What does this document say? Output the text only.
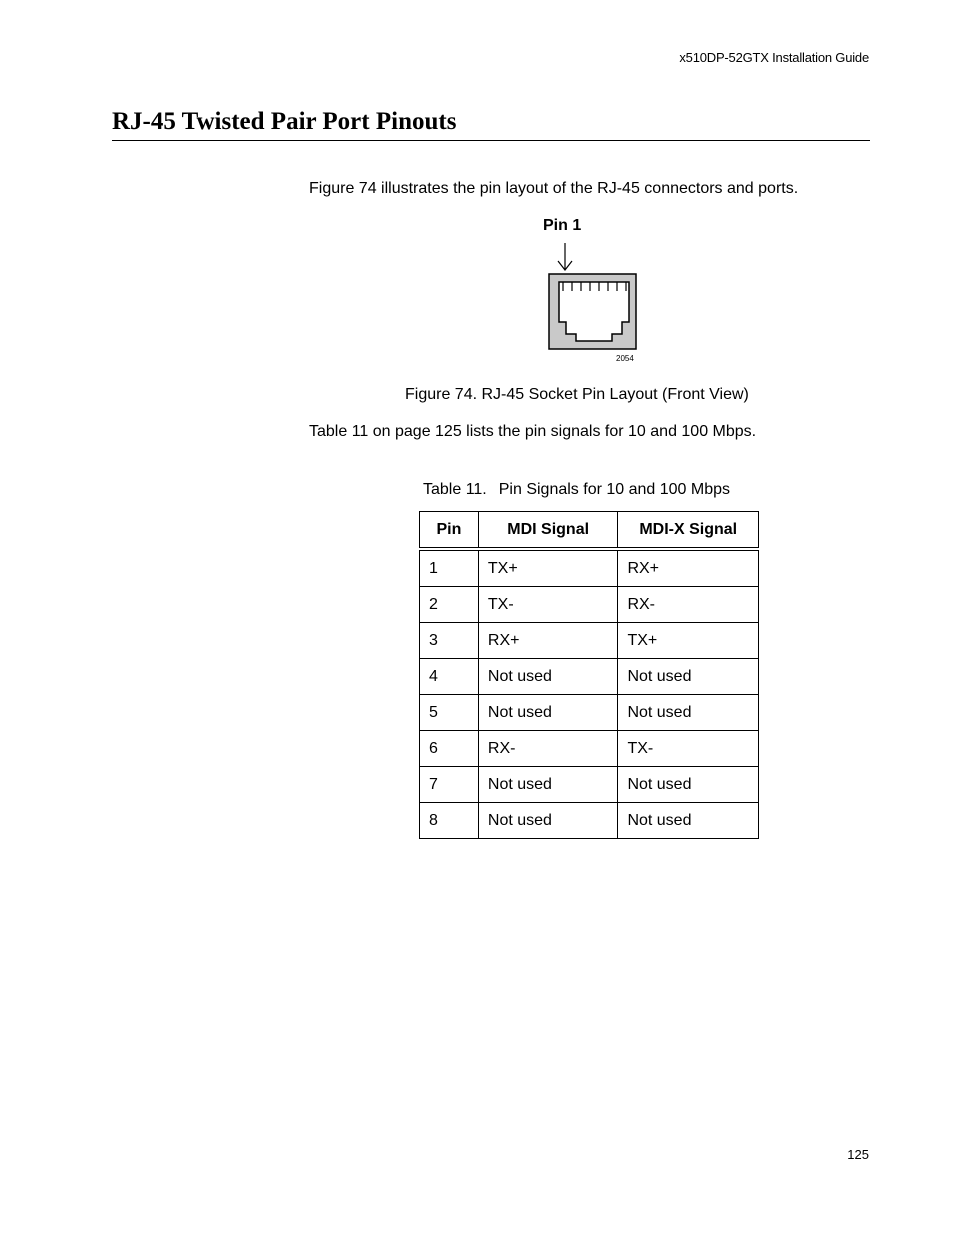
x510DP-52GTX Installation Guide
RJ-45 Twisted Pair Port Pinouts

Figure 74 illustrates the pin layout of the RJ-45 connectors and ports.

Pin 1
2054
Figure 74. RJ-45 Socket Pin Layout (Front View)

Table 11 on page 125 lists the pin signals for 10 and 100 Mbps.

Table 11. Pin Signals for 10 and 100 Mbps
Pin	MDI Signal	MDI-X Signal
1	TX+	RX+
2	TX-	RX-
3	RX+	TX+
4	Not used	Not used
5	Not used	Not used
6	RX-	TX-
7	Not used	Not used
8	Not used	Not used
125
